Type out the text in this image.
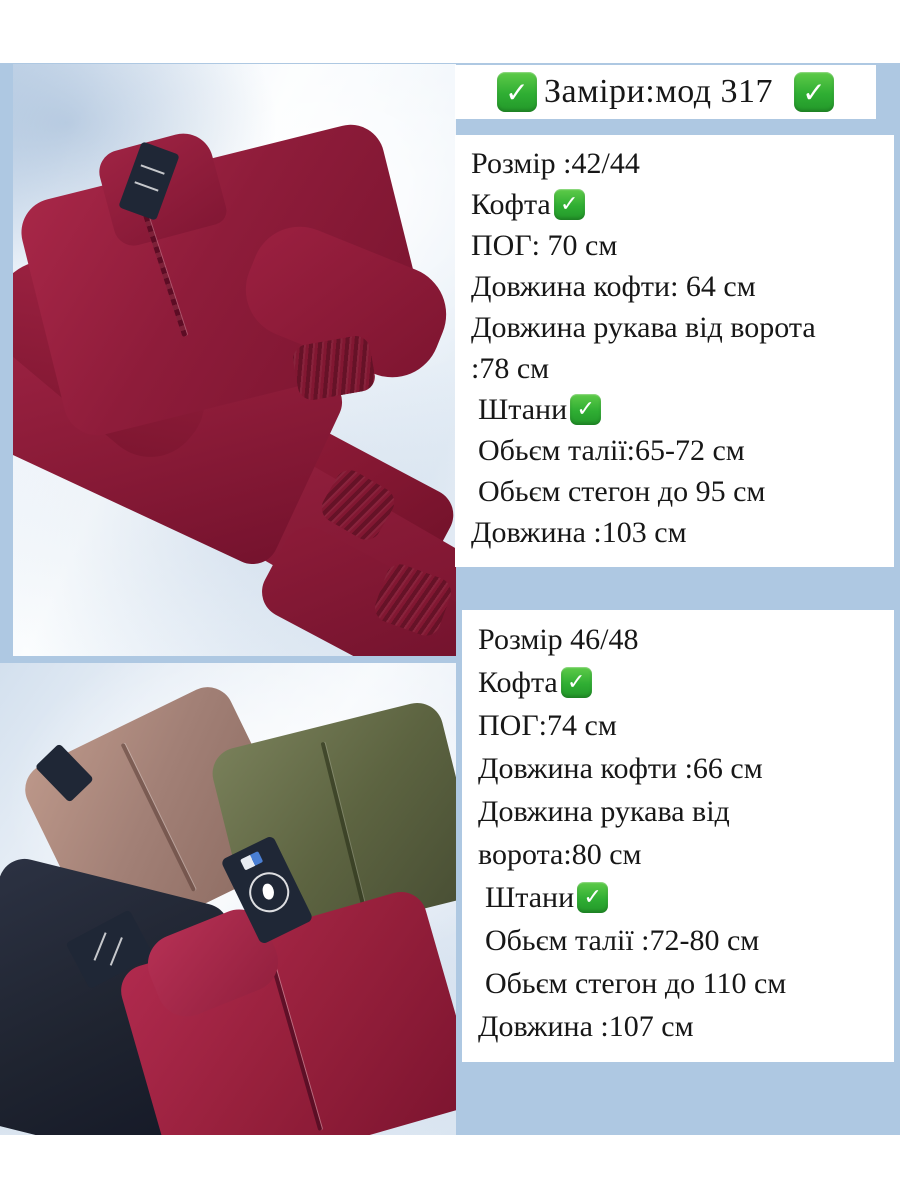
✓ Заміри:мод 317 ✓
Розмір :42/44
Кофта ✓
ПОГ: 70 см
Довжина кофти: 64 см
Довжина рукава від ворота
:78 см
Штани ✓
Обьєм талії:65-72 см
Обьєм стегон до 95 см
Довжина :103 см
Розмір 46/48
Кофта ✓
ПОГ:74 см
Довжина кофти :66 см
Довжина рукава від
ворота:80 см
Штани ✓
Обьєм талії :72-80 см
Обьєм стегон до 110 см
Довжина :107 см
